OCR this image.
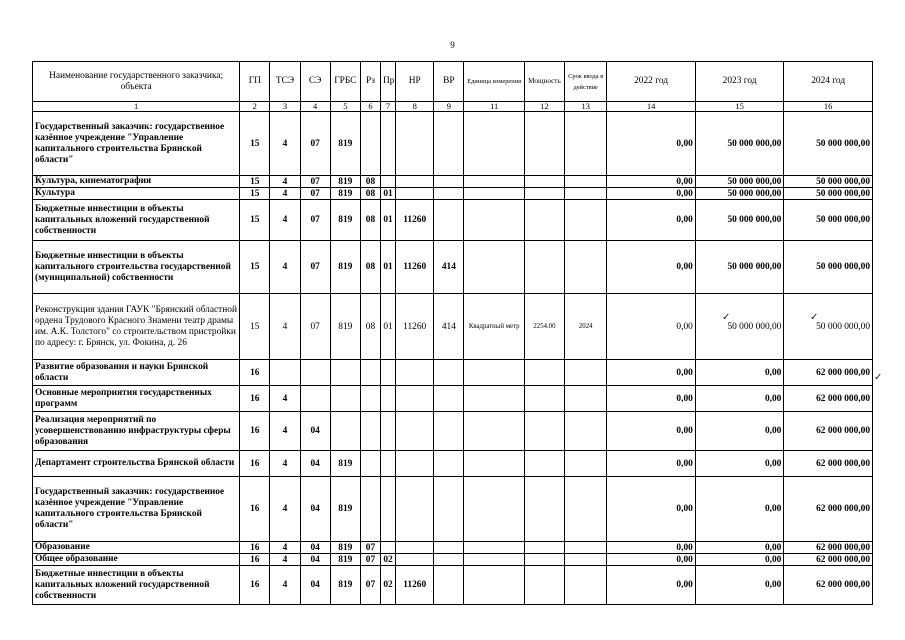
9
Наименование государственного заказчика; объекта	ГП	ТСЭ	СЭ	ГРБС	Рз	Пр	НР	ВР	Единица измерения	Мощность	Срок ввода в действие	2022 год	2023 год	2024 год
1	2	3	4	5	6	7	8	9	11	12	13	14	15	16
Государственный заказчик: государственное казённое учреждение "Управление капитального строительства Брянской области"	15	4	07	819								0,00	50 000 000,00	50 000 000,00
Культура, кинематография	15	4	07	819	08							0,00	50 000 000,00	50 000 000,00
Культура	15	4	07	819	08	01						0,00	50 000 000,00	50 000 000,00
Бюджетные инвестиции в объекты капитальных вложений государственной собственности	15	4	07	819	08	01	11260					0,00	50 000 000,00	50 000 000,00
Бюджетные инвестиции в объекты капитального строительства государственной (муниципальной) собственности	15	4	07	819	08	01	11260	414				0,00	50 000 000,00	50 000 000,00
Реконструкция здания ГАУК "Брянский областной ордена Трудового Красного Знамени театр драмы им. А.К. Толстого" со строительством пристройки по адресу: г. Брянск, ул. Фокина, д. 26	15	4	07	819	08	01	11260	414	Квадратный метр	2254.00	2024	0,00	50 000 000,00	50 000 000,00
Развитие образования и науки Брянской области	16											0,00	0,00	62 000 000,00
Основные мероприятия государственных программ	16	4										0,00	0,00	62 000 000,00
Реализация мероприятий по усовершенствованию инфраструктуры сферы образования	16	4	04									0,00	0,00	62 000 000,00
Департамент строительства Брянской области	16	4	04	819								0,00	0,00	62 000 000,00
Государственный заказчик: государственное казённое учреждение "Управление капитального строительства Брянской области"	16	4	04	819								0,00	0,00	62 000 000,00
Образование	16	4	04	819	07							0,00	0,00	62 000 000,00
Общее образование	16	4	04	819	07	02						0,00	0,00	62 000 000,00
Бюджетные инвестиции в объекты капитальных вложений государственной собственности	16	4	04	819	07	02	11260					0,00	0,00	62 000 000,00
✓	✓
✓
